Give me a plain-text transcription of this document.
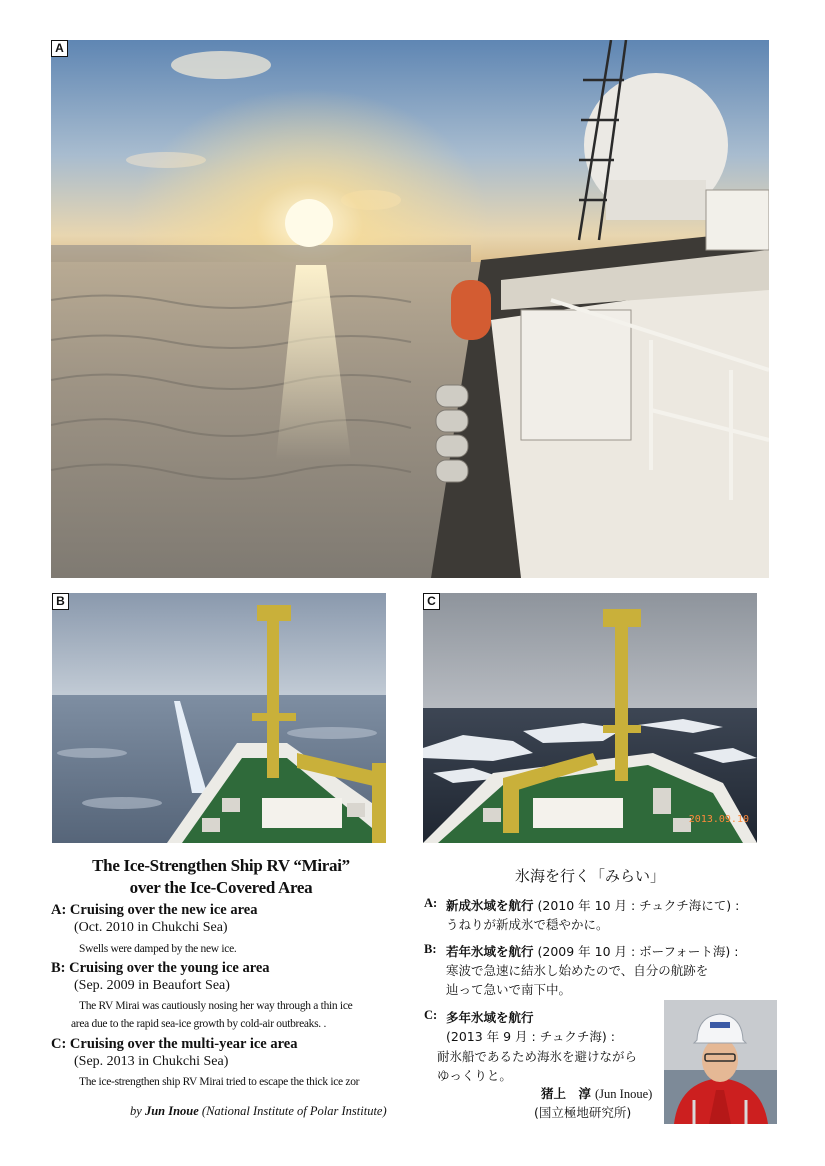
A
B	C
2013.09.10
The Ice-Strengthen Ship RV “Mirai”
over the Ice-Covered Area
A: Cruising over the new ice area
(Oct. 2010 in Chukchi Sea)
Swells were damped by the new ice.
B: Cruising over the young ice area
(Sep. 2009 in Beaufort Sea)
The RV Mirai was cautiously nosing her way through a thin ice
area due to the rapid sea-ice growth by cold-air outbreaks. .
C: Cruising over the multi-year ice area
(Sep. 2013 in Chukchi Sea)
The ice-strengthen ship RV Mirai tried to escape the thick ice zor
by Jun Inoue (National Institute of Polar Institute)
氷海を行く「みらい」
A: 新成氷域を航行 (2010 年 10 月 : チュクチ海にて) :
うねりが新成氷で穏やかに。
B: 若年氷域を航行 (2009 年 10 月 : ボーフォート海) :
寒波で急速に結氷し始めたので、自分の航跡を
辿って急いで南下中。
C: 多年氷域を航行
(2013 年 9 月 : チュクチ海) :
耐氷船であるため海氷を避けながら
ゆっくりと。
猪上　淳 (Jun Inoue)
(国立極地研究所)
